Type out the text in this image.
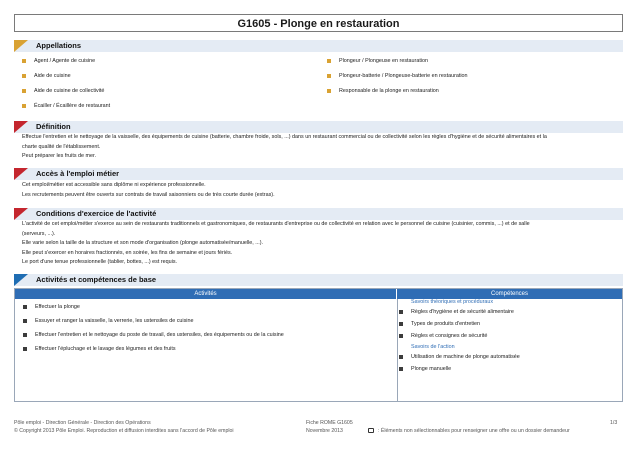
G1605 - Plonge en restauration
Appellations
Agent / Agente de cuisine
Aide de cuisine
Aide de cuisine de collectivité
Écailler / Écaillère de restaurant
Plongeur / Plongeuse en restauration
Plongeur-batterie / Plongeuse-batterie en restauration
Responsable de la plonge en restauration
Définition

Effectue l'entretien et le nettoyage de la vaisselle, des équipements de cuisine (batterie, chambre froide, sols, ...) dans un restaurant commercial ou de collectivité selon les règles d'hygiène et de sécurité alimentaires et la

charte qualité de l'établissement.

Peut préparer les fruits de mer.

Accès à l'emploi métier

Cet emploi/métier est accessible sans diplôme ni expérience professionnelle.

Les recrutements peuvent être ouverts sur contrats de travail saisonniers ou de très courte durée (extras).

Conditions d'exercice de l'activité

L'activité de cet emploi/métier s'exerce au sein de restaurants traditionnels et gastronomiques, de restaurants d'entreprise ou de collectivité en relation avec le personnel de cuisine (cuisinier, commis, ...) et de salle

(serveurs, ...).

Elle varie selon la taille de la structure et son mode d'organisation (plonge automatisée/manuelle, ...).

Elle peut s'exercer en horaires fractionnés, en soirée, les fins de semaine et jours fériés.

Le port d'une tenue professionnelle (tablier, bottes, ...) est requis.

Activités et compétences de base
Activités	Compétences
Effectuer la plonge
Essuyer et ranger la vaisselle, la verrerie, les ustensiles de cuisine
Effectuer l'entretien et le nettoyage du poste de travail, des ustensiles, des équipements ou de la cuisine
Effectuer l'épluchage et le lavage des légumes et des fruits
Savoirs théoriques et procéduraux
Règles d'hygiène et de sécurité alimentaire
Types de produits d'entretien
Règles et consignes de sécurité
Savoirs de l'action
Utilisation de machine de plonge automatisée
Plonge manuelle
Pôle emploi - Direction Générale - Direction des Opérations
© Copyright 2013 Pôle Emploi. Reproduction et diffusion interdites sans l'accord de Pôle emploi
Fiche ROME G1605
Novembre 2013
1/3
: Éléments non sélectionnables pour renseigner une offre ou un dossier demandeur
